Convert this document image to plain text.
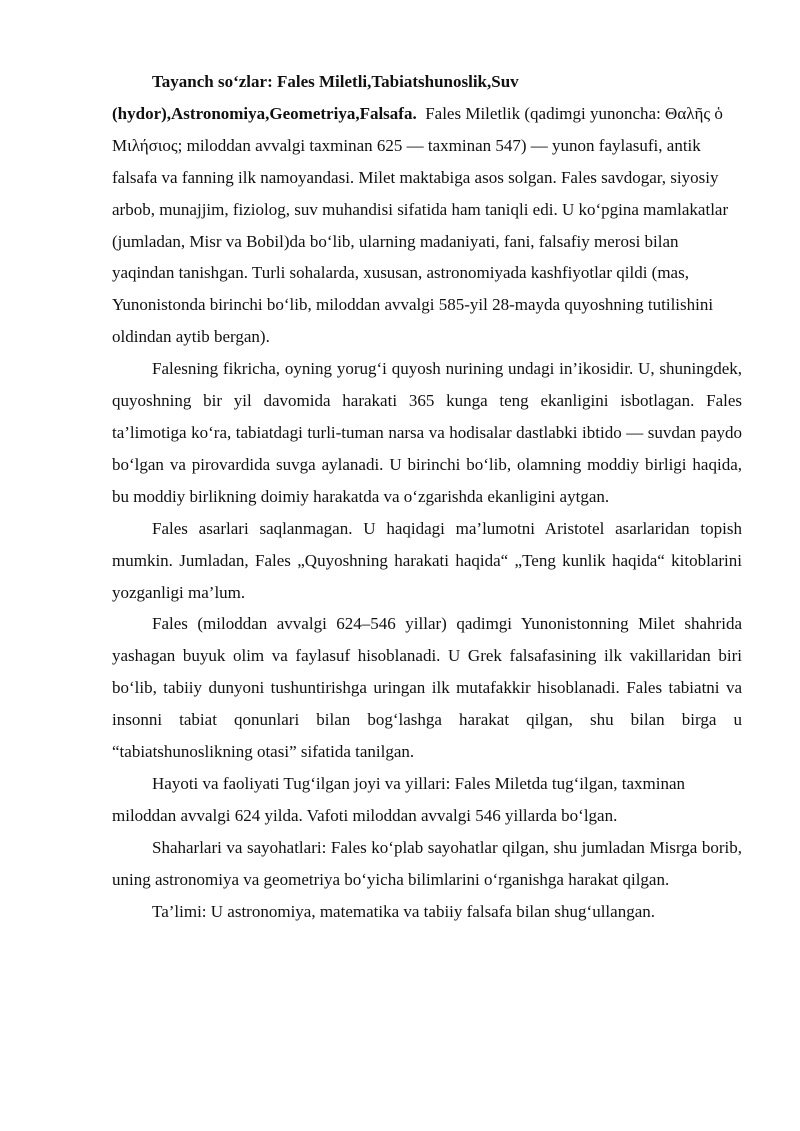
Tayanch so‘zlar: Fales Miletli,Tabiatshunoslik,Suv (hydor),Astronomiya,Geometriya,Falsafa. Fales Miletlik (qadimgi yunoncha: Θαλῆς ὁ Μιλήσιος; miloddan avvalgi taxminan 625 — taxminan 547) — yunon faylasufi, antik falsafa va fanning ilk namoyandasi. Milet maktabiga asos solgan. Fales savdogar, siyosiy arbob, munajjim, fiziolog, suv muhandisi sifatida ham taniqli edi. U ko‘pgina mamlakatlar (jumladan, Misr va Bobil)da bo‘lib, ularning madaniyati, fani, falsafiy merosi bilan yaqindan tanishgan. Turli sohalarda, xususan, astronomiyada kashfiyotlar qildi (mas, Yunonistonda birinchi bo‘lib, miloddan avvalgi 585-yil 28-mayda quyoshning tutilishini oldindan aytib bergan).

Falesning fikricha, oyning yorug‘i quyosh nurining undagi in’ikosidir. U, shuningdek, quyoshning bir yil davomida harakati 365 kunga teng ekanligini isbotlagan. Fales ta’limotiga ko‘ra, tabiatdagi turli-tuman narsa va hodisalar dastlabki ibtido — suvdan paydo bo‘lgan va pirovardida suvga aylanadi. U birinchi bo‘lib, olamning moddiy birligi haqida, bu moddiy birlikning doimiy harakatda va o‘zgarishda ekanligini aytgan.

Fales asarlari saqlanmagan. U haqidagi ma’lumotni Aristotel asarlaridan topish mumkin. Jumladan, Fales „Quyoshning harakati haqida“ „Teng kunlik haqida“ kitoblarini yozganligi ma’lum.

Fales (miloddan avvalgi 624–546 yillar) qadimgi Yunonistonning Milet shahrida yashagan buyuk olim va faylasuf hisoblanadi. U Grek falsafasining ilk vakillaridan biri bo‘lib, tabiiy dunyoni tushuntirishga uringan ilk mutafakkir hisoblanadi. Fales tabiatni va insonni tabiat qonunlari bilan bog‘lashga harakat qilgan, shu bilan birga u “tabiatshunoslikning otasi” sifatida tanilgan.

Hayoti va faoliyati Tug‘ilgan joyi va yillari: Fales Miletda tug‘ilgan, taxminan miloddan avvalgi 624 yilda. Vafoti miloddan avvalgi 546 yillarda bo‘lgan.

Shaharlari va sayohatlari: Fales ko‘plab sayohatlar qilgan, shu jumladan Misrga borib, uning astronomiya va geometriya bo‘yicha bilimlarini o‘rganishga harakat qilgan.

Ta’limi: U astronomiya, matematika va tabiiy falsafa bilan shug‘ullangan.
